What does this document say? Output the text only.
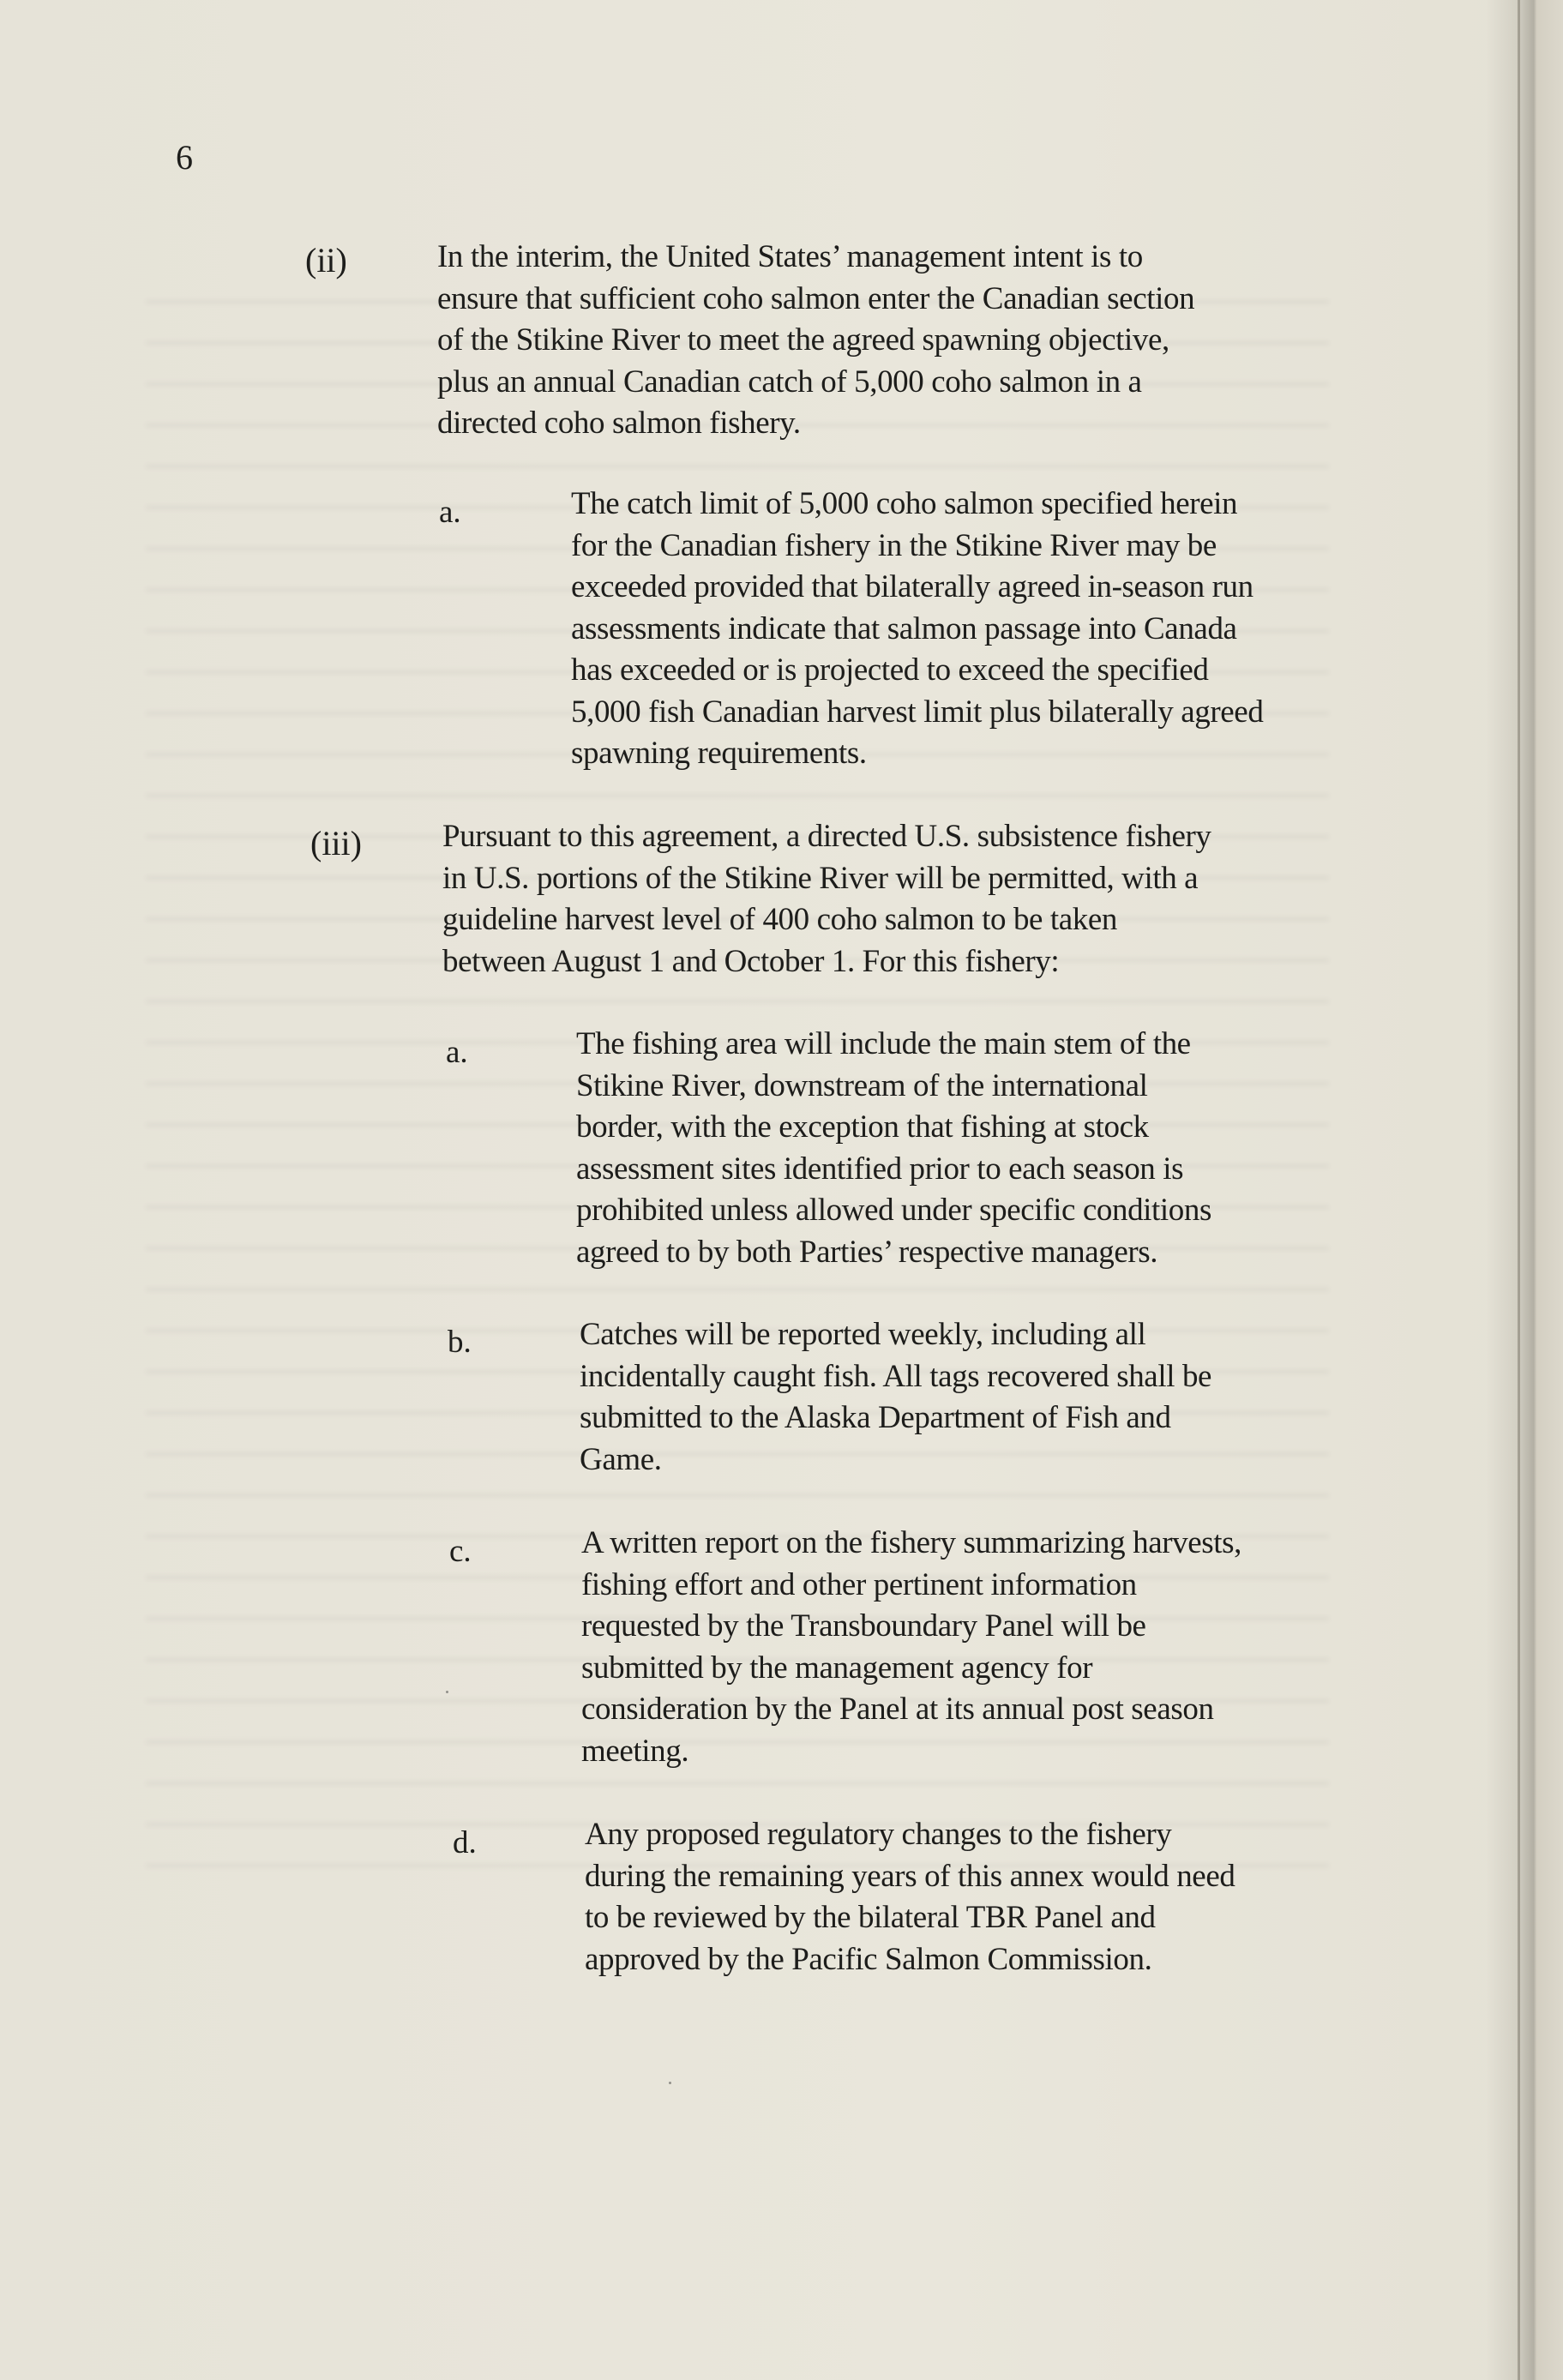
6
(ii)	In the interim, the United States’ management intent is to
ensure that sufficient coho salmon enter the Canadian section
of the Stikine River to meet the agreed spawning objective,
plus an annual Canadian catch of 5,000 coho salmon in a
directed coho salmon fishery.
a.	The catch limit of 5,000 coho salmon specified herein
for the Canadian fishery in the Stikine River may be
exceeded provided that bilaterally agreed in-season run
assessments indicate that salmon passage into Canada
has exceeded or is projected to exceed the specified
5,000 fish Canadian harvest limit plus bilaterally agreed
spawning requirements.
(iii)	Pursuant to this agreement, a directed U.S. subsistence fishery
in U.S. portions of the Stikine River will be permitted, with a
guideline harvest level of 400 coho salmon to be taken
between August 1 and October 1. For this fishery:
a.	The fishing area will include the main stem of the
Stikine River, downstream of the international
border, with the exception that fishing at stock
assessment sites identified prior to each season is
prohibited unless allowed under specific conditions
agreed to by both Parties’ respective managers.
b.	Catches will be reported weekly, including all
incidentally caught fish. All tags recovered shall be
submitted to the Alaska Department of Fish and
Game.
c.	A written report on the fishery summarizing harvests,
fishing effort and other pertinent information
requested by the Transboundary Panel will be
submitted by the management agency for
consideration by the Panel at its annual post season
meeting.
d.	Any proposed regulatory changes to the fishery
during the remaining years of this annex would need
to be reviewed by the bilateral TBR Panel and
approved by the Pacific Salmon Commission.
